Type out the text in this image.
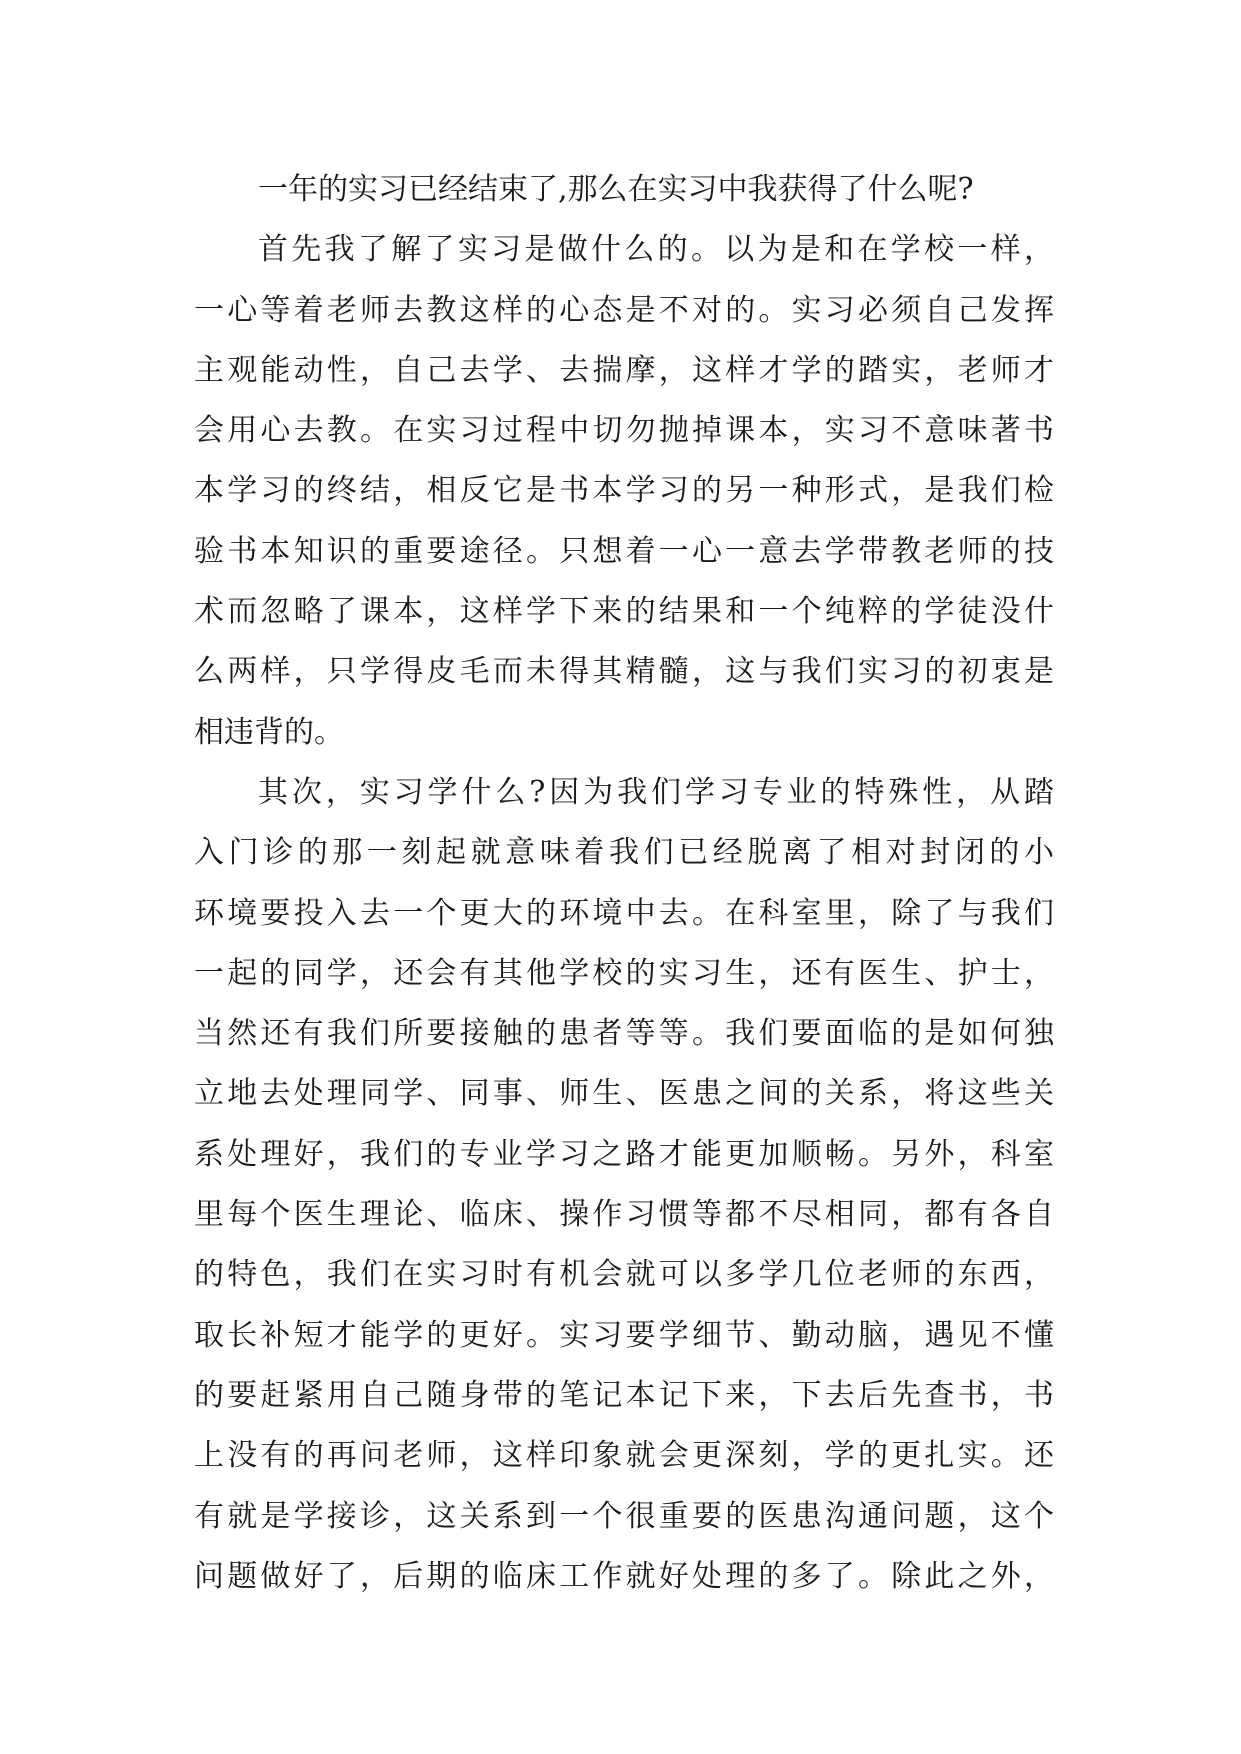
一年的实习已经结束了,那么在实习中我获得了什么呢?
首先我了解了实习是做什么的。以为是和在学校一样，
一心等着老师去教这样的心态是不对的。实习必须自己发挥
主观能动性，自己去学、去揣摩，这样才学的踏实，老师才
会用心去教。在实习过程中切勿抛掉课本，实习不意味著书
本学习的终结，相反它是书本学习的另一种形式，是我们检
验书本知识的重要途径。只想着一心一意去学带教老师的技
术而忽略了课本，这样学下来的结果和一个纯粹的学徒没什
么两样，只学得皮毛而未得其精髓，这与我们实习的初衷是
相违背的。
其次，实习学什么?因为我们学习专业的特殊性，从踏
入门诊的那一刻起就意味着我们已经脱离了相对封闭的小
环境要投入去一个更大的环境中去。在科室里，除了与我们
一起的同学，还会有其他学校的实习生，还有医生、护士，
当然还有我们所要接触的患者等等。我们要面临的是如何独
立地去处理同学、同事、师生、医患之间的关系，将这些关
系处理好，我们的专业学习之路才能更加顺畅。另外，科室
里每个医生理论、临床、操作习惯等都不尽相同，都有各自
的特色，我们在实习时有机会就可以多学几位老师的东西，
取长补短才能学的更好。实习要学细节、勤动脑，遇见不懂
的要赶紧用自己随身带的笔记本记下来，下去后先查书，书
上没有的再问老师，这样印象就会更深刻，学的更扎实。还
有就是学接诊，这关系到一个很重要的医患沟通问题，这个
问题做好了，后期的临床工作就好处理的多了。除此之外，
